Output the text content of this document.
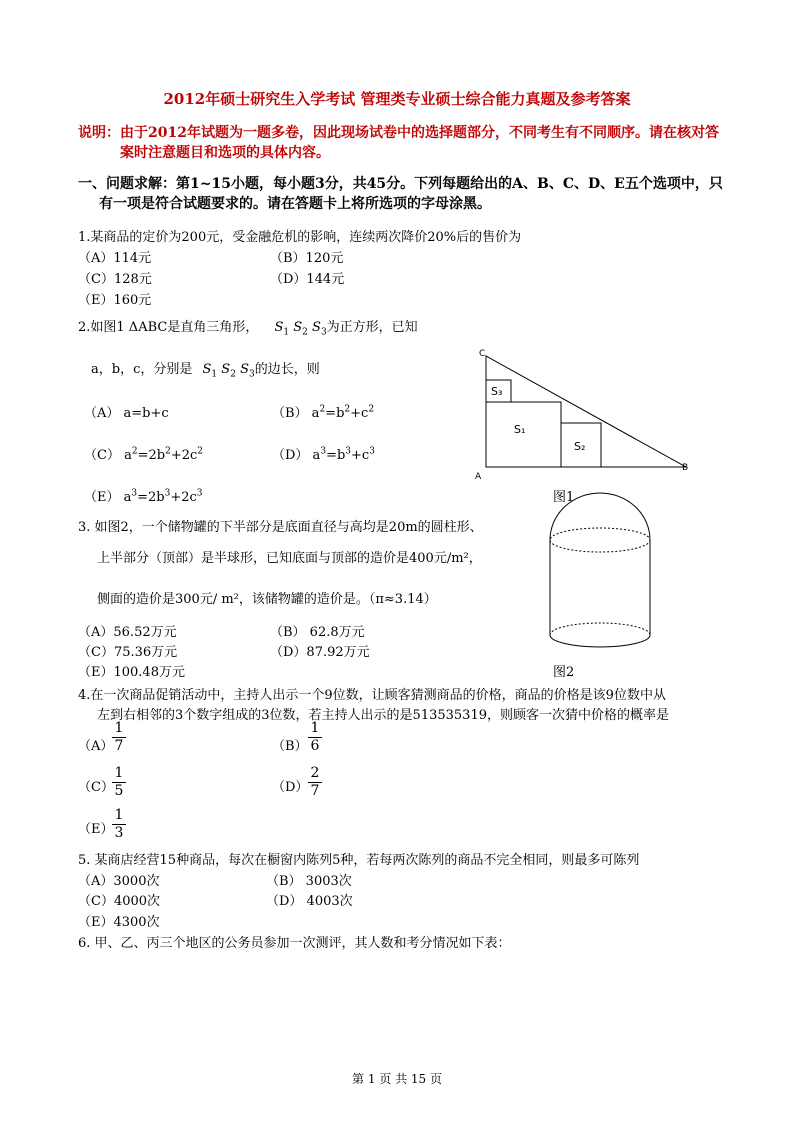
2012年硕士研究生入学考试 管理类专业硕士综合能力真题及参考答案
说明：由于2012年试题为一题多卷，因此现场试卷中的选择题部分，不同考生有不同顺序。请在核对答
案时注意题目和选项的具体内容。
一、问题求解：第1~15小题，每小题3分，共45分。下列每题给出的A、B、C、D、E五个选项中，只
有一项是符合试题要求的。请在答题卡上将所选项的字母涂黑。
1.某商品的定价为200元，受金融危机的影响，连续两次降价20%后的售价为
（A）114元	（B）120元
（C）128元	（D）144元
（E）160元
2.如图1 ΔABC是直角三角形， $S_1$ $S_2$ $S_3$为正方形，已知
a，b，c，分别是 $S_1$ $S_2$ $S_3$的边长，则
（A） a=b+c	（B） $a^2=b^2+c^2$
（C） $a^2=2b^2+2c^2$	（D） $a^3=b^3+c^3$
（E） $a^3=2b^3+2c^3$
C
A
B
S₃
S₁
S₂
图1
3. 如图2，一个储物罐的下半部分是底面直径与高均是20m的圆柱形、
上半部分（顶部）是半球形，已知底面与顶部的造价是400元/m²，
侧面的造价是300元/ m²，该储物罐的造价是。（π≈3.14）
（A）56.52万元	（B） 62.8万元
（C）75.36万元	（D）87.92万元
（E）100.48万元	图2
4.在一次商品促销活动中，主持人出示一个9位数，让顾客猜测商品的价格，商品的价格是该9位数中从
左到右相邻的3个数字组成的3位数，若主持人出示的是513535319，则顾客一次猜中价格的概率是
（A）
1
7	（B）
1
6
（C）
1
5	（D）
2
7
（E）
1
3
5. 某商店经营15种商品，每次在橱窗内陈列5种，若每两次陈列的商品不完全相同，则最多可陈列
（A）3000次	（B） 3003次
（C）4000次	（D） 4003次
（E）4300次
6. 甲、乙、丙三个地区的公务员参加一次测评，其人数和考分情况如下表：
第 1 页 共 15 页
